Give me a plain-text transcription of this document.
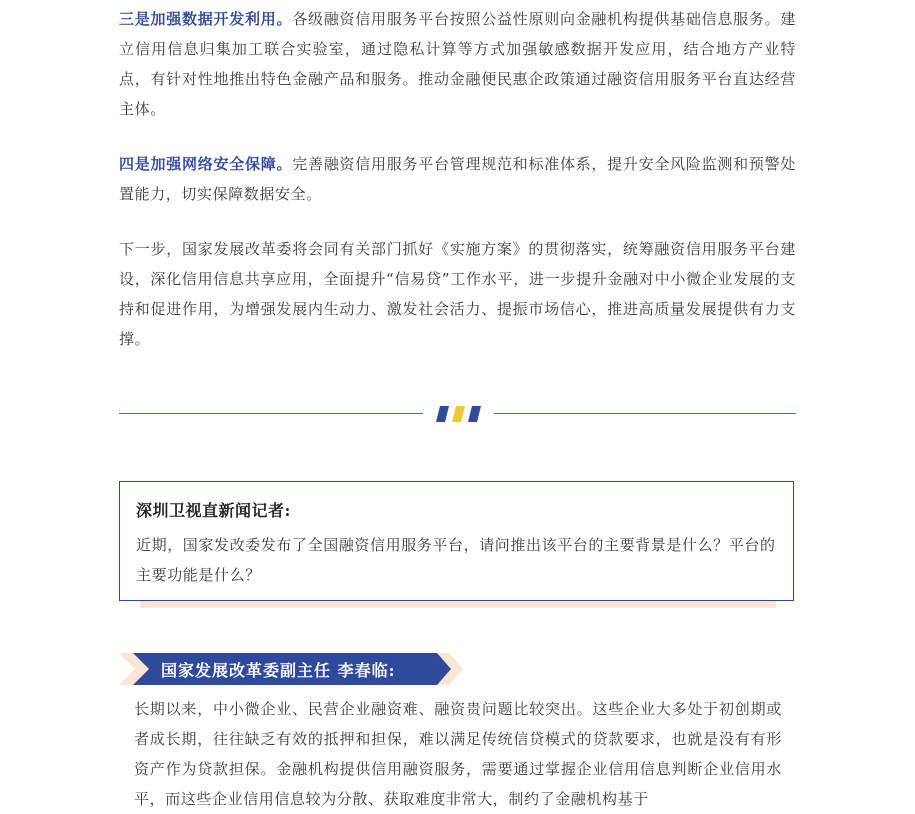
三是加强数据开发利用。各级融资信用服务平台按照公益性原则向金融机构提供基础信息服务。建立信用信息归集加工联合实验室，通过隐私计算等方式加强敏感数据开发应用，结合地方产业特点，有针对性地推出特色金融产品和服务。推动金融便民惠企政策通过融资信用服务平台直达经营主体。

四是加强网络安全保障。完善融资信用服务平台管理规范和标准体系，提升安全风险监测和预警处置能力，切实保障数据安全。

下一步，国家发展改革委将会同有关部门抓好《实施方案》的贯彻落实，统筹融资信用服务平台建设，深化信用信息共享应用，全面提升“信易贷”工作水平，进一步提升金融对中小微企业发展的支持和促进作用，为增强发展内生动力、激发社会活力、提振市场信心，推进高质量发展提供有力支撑。

深圳卫视直新闻记者:
近期，国家发改委发布了全国融资信用服务平台，请问推出该平台的主要背景是什么？平台的主要功能是什么？
国家发展改革委副主任 李春临:

长期以来，中小微企业、民营企业融资难、融资贵问题比较突出。这些企业大多处于初创期或者成长期，往往缺乏有效的抵押和担保，难以满足传统信贷模式的贷款要求，也就是没有有形资产作为贷款担保。金融机构提供信用融资服务，需要通过掌握企业信用信息判断企业信用水平，而这些企业信用信息较为分散、获取难度非常大，制约了金融机构基于
